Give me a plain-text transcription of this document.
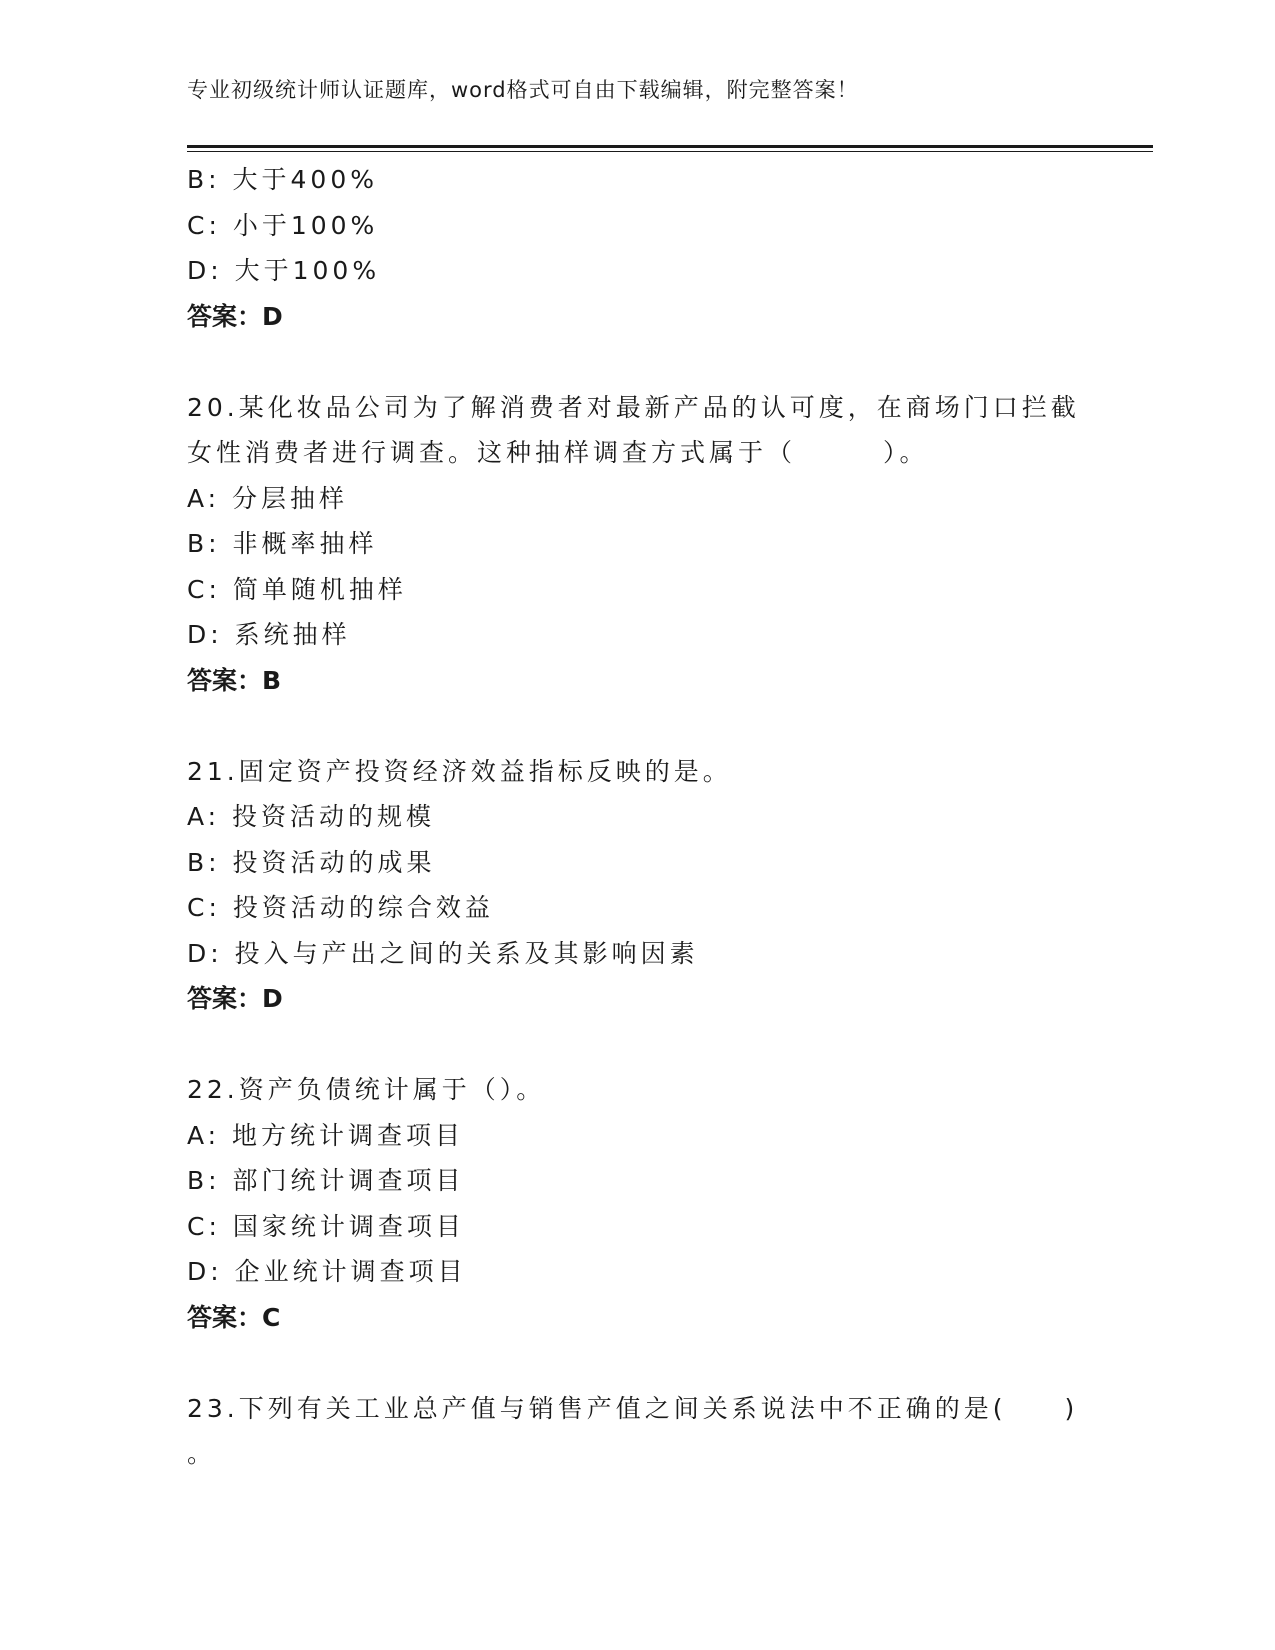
专业初级统计师认证题库，word格式可自由下载编辑，附完整答案！
B: 大于400%
C: 小于100%
D: 大于100%
答案：D
20.某化妆品公司为了解消费者对最新产品的认可度，在商场门口拦截
女性消费者进行调查。这种抽样调查方式属于（　　　）。
A: 分层抽样
B: 非概率抽样
C: 简单随机抽样
D: 系统抽样
答案：B
21.固定资产投资经济效益指标反映的是。
A: 投资活动的规模
B: 投资活动的成果
C: 投资活动的综合效益
D: 投入与产出之间的关系及其影响因素
答案：D
22.资产负债统计属于（）。
A: 地方统计调查项目
B: 部门统计调查项目
C: 国家统计调查项目
D: 企业统计调查项目
答案：C
23.下列有关工业总产值与销售产值之间关系说法中不正确的是(　　)
。
